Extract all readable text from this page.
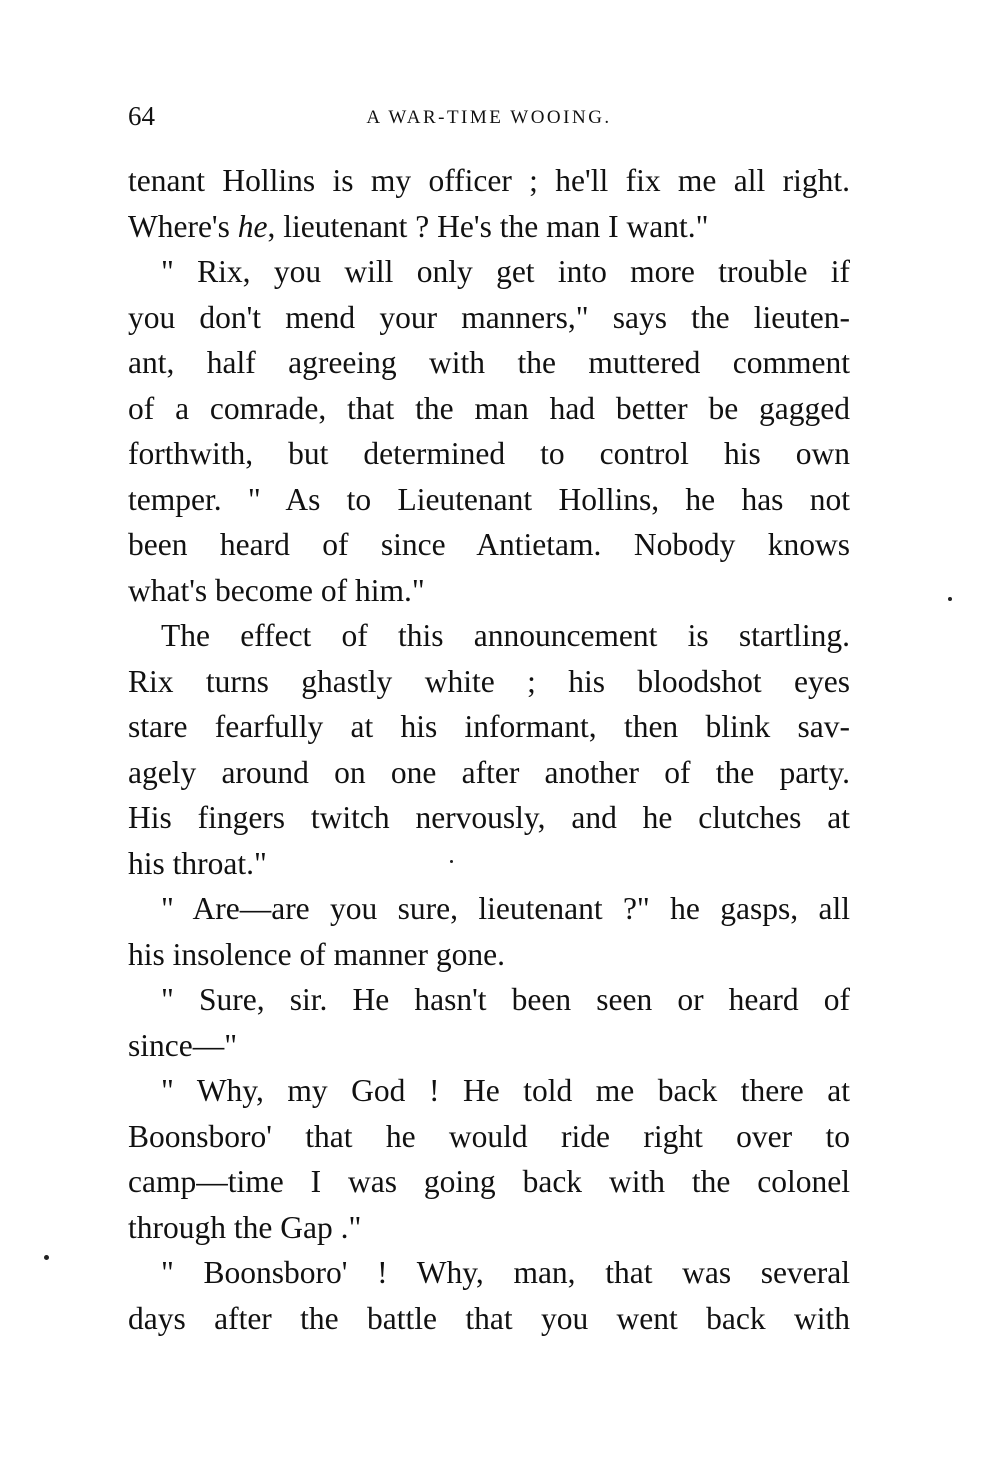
64	A WAR-TIME WOOING.
tenant Hollins is my officer ; he'll fix me all right.
Where's he, lieutenant ? He's the man I want."
" Rix, you will only get into more trouble if
you don't mend your manners," says the lieuten-
ant, half agreeing with the muttered comment
of a comrade, that the man had better be gagged
forthwith, but determined to control his own
temper. " As to Lieutenant Hollins, he has not
been heard of since Antietam. Nobody knows
what's become of him."
The effect of this announcement is startling.
Rix turns ghastly white ; his bloodshot eyes
stare fearfully at his informant, then blink sav-
agely around on one after another of the party.
His fingers twitch nervously, and he clutches at
his throat."
" Are—are you sure, lieutenant ?" he gasps, all
his insolence of manner gone.
" Sure, sir. He hasn't been seen or heard of
since—"
" Why, my God ! He told me back there at
Boonsboro' that he would ride right over to
camp—time I was going back with the colonel
through the Gap ."
" Boonsboro' ! Why, man, that was several
days after the battle that you went back with
